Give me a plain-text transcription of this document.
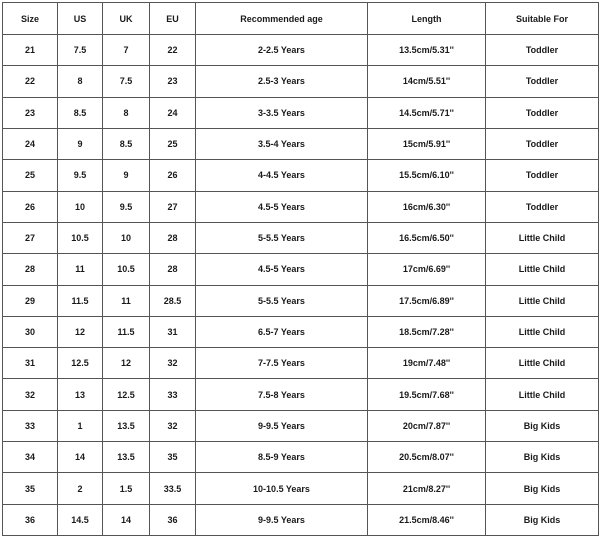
Size	US	UK	EU	Recommended age	Length	Suitable For
21	7.5	7	22	2-2.5 Years	13.5cm/5.31''	Toddler
22	8	7.5	23	2.5-3 Years	14cm/5.51''	Toddler
23	8.5	8	24	3-3.5 Years	14.5cm/5.71''	Toddler
24	9	8.5	25	3.5-4 Years	15cm/5.91''	Toddler
25	9.5	9	26	4-4.5 Years	15.5cm/6.10''	Toddler
26	10	9.5	27	4.5-5 Years	16cm/6.30''	Toddler
27	10.5	10	28	5-5.5 Years	16.5cm/6.50''	Little Child
28	11	10.5	28	4.5-5 Years	17cm/6.69''	Little Child
29	11.5	11	28.5	5-5.5 Years	17.5cm/6.89''	Little Child
30	12	11.5	31	6.5-7 Years	18.5cm/7.28''	Little Child
31	12.5	12	32	7-7.5 Years	19cm/7.48''	Little Child
32	13	12.5	33	7.5-8 Years	19.5cm/7.68''	Little Child
33	1	13.5	32	9-9.5 Years	20cm/7.87''	Big Kids
34	14	13.5	35	8.5-9 Years	20.5cm/8.07''	Big Kids
35	2	1.5	33.5	10-10.5 Years	21cm/8.27''	Big Kids
36	14.5	14	36	9-9.5 Years	21.5cm/8.46''	Big Kids
